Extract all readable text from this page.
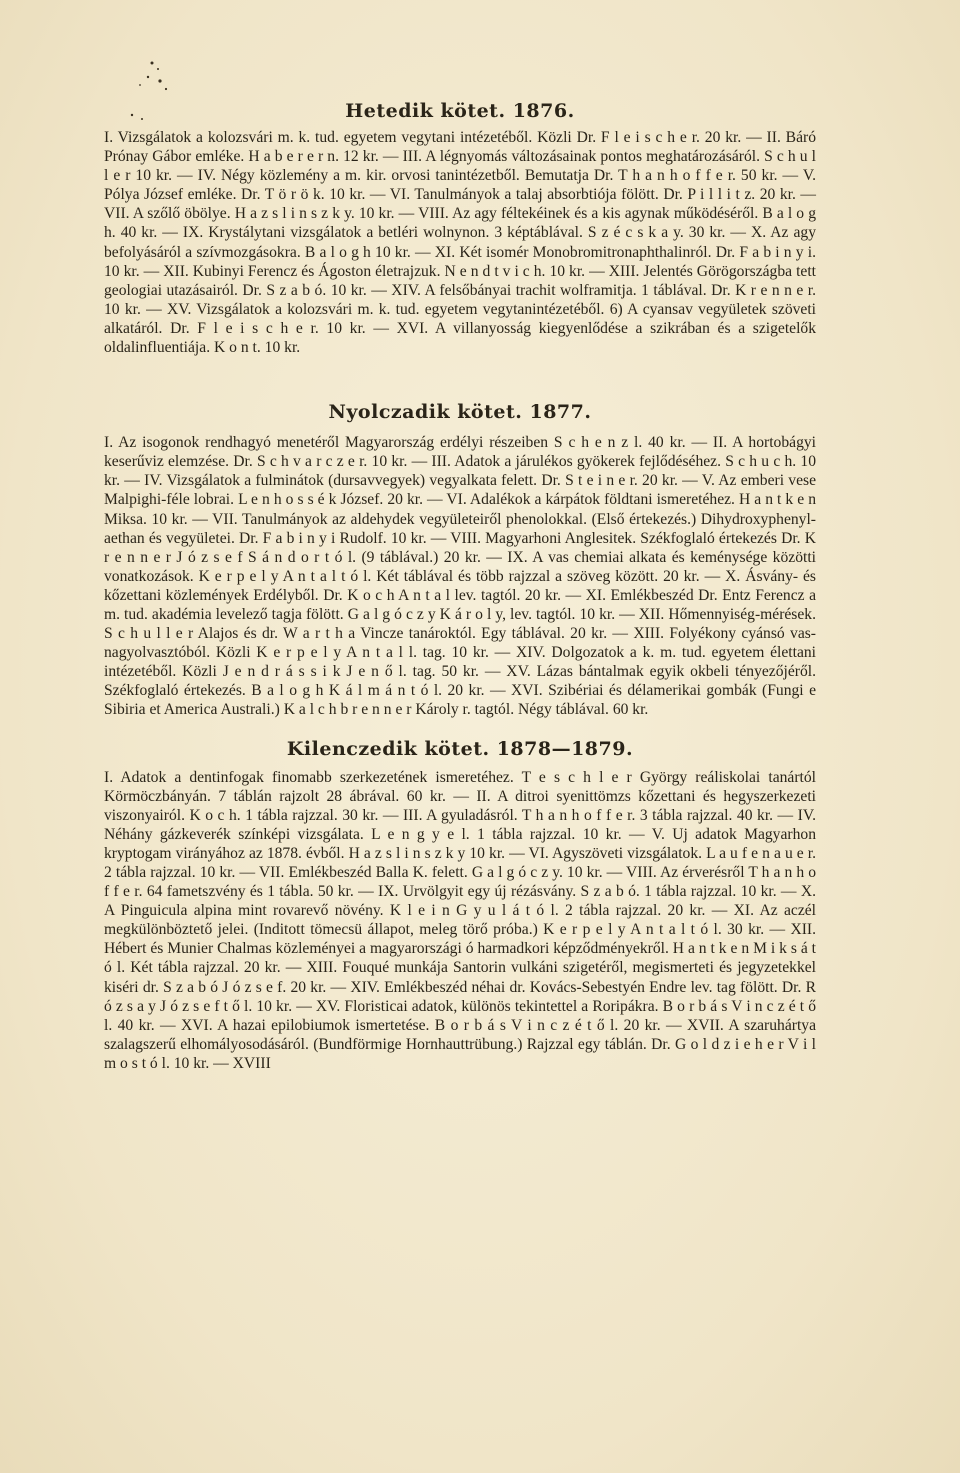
Hetedik kötet. 1876.

I. Vizsgálatok a kolozsvári m. k. tud. egyetem vegytani intézetéből. Közli Dr. F l e i s c h e r. 20 kr. — II. Báró Prónay Gábor emléke. H a b e r e r n. 12 kr. — III. A légnyomás változásainak pontos meghatározásáról. S c h u l l e r 10 kr. — IV. Négy közlemény a m. kir. orvosi tanintézetből. Bemutatja Dr. T h a n h o f f e r. 50 kr. — V. Pólya József emléke. Dr. T ö r ö k. 10 kr. — VI. Tanulmányok a talaj absorbtiója fölött. Dr. P i l l i t z. 20 kr. — VII. A szőlő öbölye. H a z s l i n s z k y. 10 kr. — VIII. Az agy féltekéinek és a kis agynak működéséről. B a l o g h. 40 kr. — IX. Krystálytani vizsgálatok a betléri wolnynon. 3 képtáblával. S z é c s k a y. 30 kr. — X. Az agy befolyásáról a szívmozgásokra. B a l o g h 10 kr. — XI. Két isomér Monobromitronaphthalinról. Dr. F a b i n y i. 10 kr. — XII. Kubinyi Ferencz és Ágoston életrajzuk. N e n d t v i c h. 10 kr. — XIII. Jelentés Görögországba tett geologiai utazásairól. Dr. S z a b ó. 10 kr. — XIV. A felsőbányai trachit wolframitja. 1 táblával. Dr. K r e n n e r. 10 kr. — XV. Vizsgálatok a kolozsvári m. k. tud. egyetem vegytanintézetéből. 6) A cyansav vegyületek szöveti alkatáról. Dr. F l e i s c h e r. 10 kr. — XVI. A villanyosság kiegyenlődése a szikrában és a szigetelők oldalinfluentiája. K o n t. 10 kr.

Nyolczadik kötet. 1877.

I. Az isogonok rendhagyó menetéről Magyarország erdélyi részeiben S c h e n z l. 40 kr. — II. A hortobágyi keserűviz elemzése. Dr. S c h v a r c z e r. 10 kr. — III. Adatok a járulékos gyökerek fejlődéséhez. S c h u c h. 10 kr. — IV. Vizsgálatok a fulminátok (dursavvegyek) vegyalkata felett. Dr. S t e i n e r. 20 kr. — V. Az emberi vese Malpighi-féle lobrai. L e n h o s s é k József. 20 kr. — VI. Adalékok a kárpátok földtani ismeretéhez. H a n t k e n Miksa. 10 kr. — VII. Tanulmányok az aldehydek vegyületeiről phenolokkal. (Első értekezés.) Dihydroxyphenyl-aethan és vegyületei. Dr. F a b i n y i Rudolf. 10 kr. — VIII. Magyarhoni Anglesitek. Székfoglaló értekezés Dr. K r e n n e r J ó z s e f S á n d o r t ó l. (9 táblával.) 20 kr. — IX. A vas chemiai alkata és keménysége közötti vonatkozások. K e r p e l y A n t a l t ó l. Két táblával és több rajzzal a szöveg között. 20 kr. — X. Ásvány- és kőzettani közlemények Erdélyből. Dr. K o c h A n t a l lev. tagtól. 20 kr. — XI. Emlékbeszéd Dr. Entz Ferencz a m. tud. akadémia levelező tagja fölött. G a l g ó c z y K á r o l y, lev. tagtól. 10 kr. — XII. Hőmennyiség-mérések. S c h u l l e r Alajos és dr. W a r t h a Vincze tanároktól. Egy táblával. 20 kr. — XIII. Folyékony cyánsó vas-nagyolvasztóból. Közli K e r p e l y A n t a l l. tag. 10 kr. — XIV. Dolgozatok a k. m. tud. egyetem élettani intézetéből. Közli J e n d r á s s i k J e n ő l. tag. 50 kr. — XV. Lázas bántalmak egyik okbeli tényezőjéről. Székfoglaló értekezés. B a l o g h K á l m á n t ó l. 20 kr. — XVI. Szibériai és délamerikai gombák (Fungi e Sibiria et America Australi.) K a l c h b r e n n e r Károly r. tagtól. Négy táblával. 60 kr.

Kilenczedik kötet. 1878—1879.

I. Adatok a dentinfogak finomabb szerkezetének ismeretéhez. T e s c h l e r György reáliskolai tanártól Körmöczbányán. 7 táblán rajzolt 28 ábrával. 60 kr. — II. A ditroi syenittömzs kőzettani és hegyszerkezeti viszonyairól. K o c h. 1 tábla rajzzal. 30 kr. — III. A gyuladásról. T h a n h o f f e r. 3 tábla rajzzal. 40 kr. — IV. Néhány gázkeverék színképi vizsgálata. L e n g y e l. 1 tábla rajzzal. 10 kr. — V. Uj adatok Magyarhon kryptogam virányához az 1878. évből. H a z s l i n s z k y 10 kr. — VI. Agyszöveti vizsgálatok. L a u f e n a u e r. 2 tábla rajzzal. 10 kr. — VII. Emlékbeszéd Balla K. felett. G a l g ó c z y. 10 kr. — VIII. Az érverésről T h a n h o f f e r. 64 fametszvény és 1 tábla. 50 kr. — IX. Urvölgyit egy új rézásvány. S z a b ó. 1 tábla rajzzal. 10 kr. — X. A Pinguicula alpina mint rovarevő növény. K l e i n G y u l á t ó l. 2 tábla rajzzal. 20 kr. — XI. Az aczél megkülönböztető jelei. (Inditott tömecsü állapot, meleg törő próba.) K e r p e l y A n t a l t ó l. 30 kr. — XII. Hébert és Munier Chalmas közleményei a magyarországi ó harmadkori képződményekről. H a n t k e n M i k s á t ó l. Két tábla rajzzal. 20 kr. — XIII. Fouqué munkája Santorin vulkáni szigetéről, megismerteti és jegyzetekkel kiséri dr. S z a b ó J ó z s e f. 20 kr. — XIV. Emlékbeszéd néhai dr. Kovács-Sebestyén Endre lev. tag fölött. Dr. R ó z s a y J ó z s e f t ő l. 10 kr. — XV. Floristicai adatok, különös tekintettel a Roripákra. B o r b á s V i n c z é t ő l. 40 kr. — XVI. A hazai epilobiumok ismertetése. B o r b á s V i n c z é t ő l. 20 kr. — XVII. A szaruhártya szalagszerű elhomályosodásáról. (Bundförmige Hornhauttrübung.) Rajzzal egy táblán. Dr. G o l d z i e h e r V i l m o s t ó l. 10 kr. — XVIII
